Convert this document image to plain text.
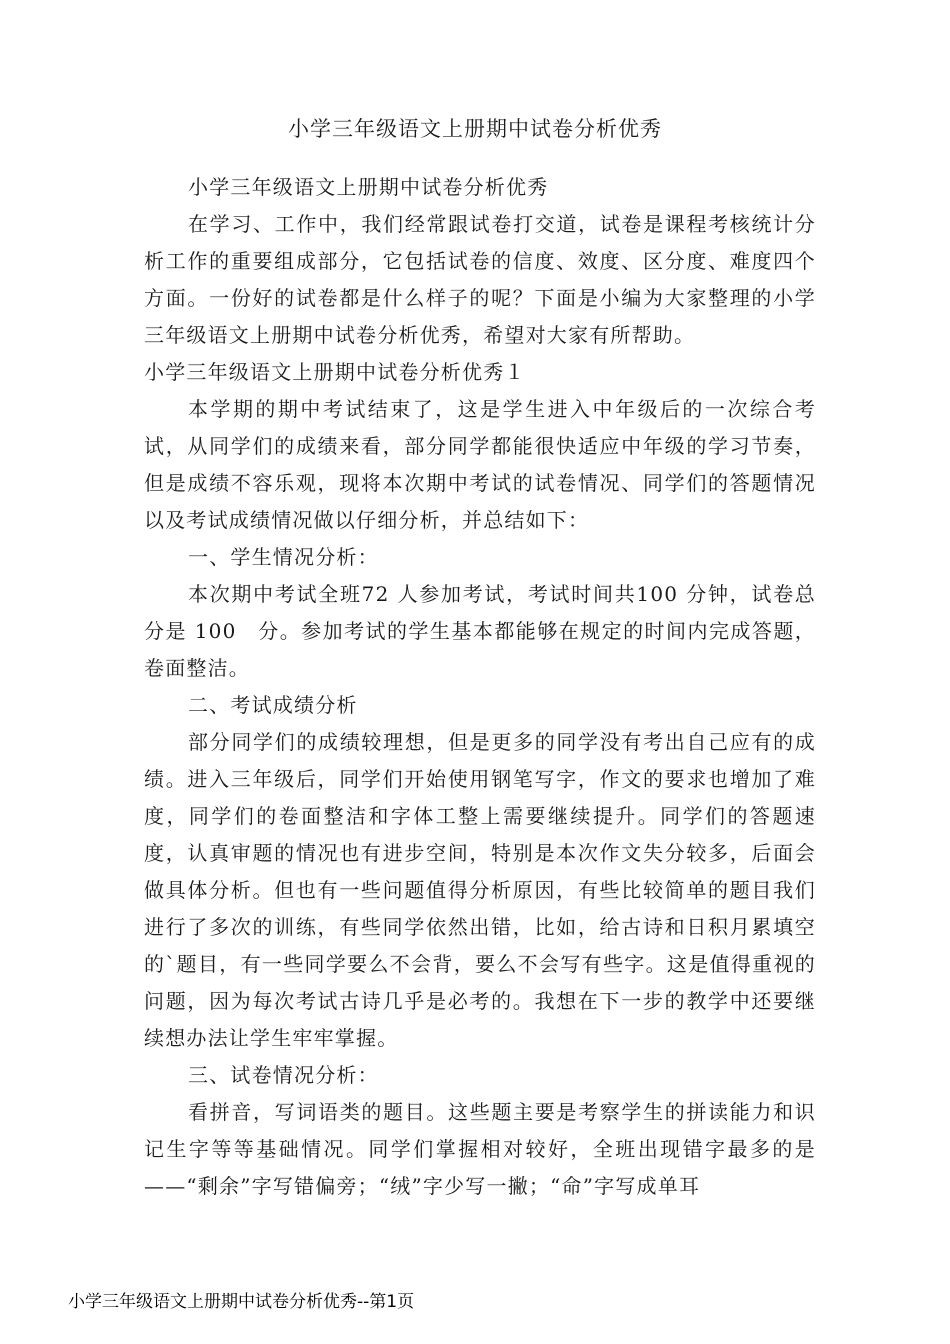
小学三年级语文上册期中试卷分析优秀

小学三年级语文上册期中试卷分析优秀

在学习、工作中，我们经常跟试卷打交道，试卷是课程考核统计分析工作的重要组成部分，它包括试卷的信度、效度、区分度、难度四个方面。一份好的试卷都是什么样子的呢？下面是小编为大家整理的小学三年级语文上册期中试卷分析优秀，希望对大家有所帮助。

小学三年级语文上册期中试卷分析优秀１

本学期的期中考试结束了，这是学生进入中年级后的一次综合考试，从同学们的成绩来看，部分同学都能很快适应中年级的学习节奏，但是成绩不容乐观，现将本次期中考试的试卷情况、同学们的答题情况以及考试成绩情况做以仔细分析，并总结如下：

一、学生情况分析：

本次期中考试全班72 人参加考试，考试时间共100 分钟，试卷总分是 100　分。参加考试的学生基本都能够在规定的时间内完成答题，卷面整洁。

二、考试成绩分析

部分同学们的成绩较理想，但是更多的同学没有考出自己应有的成绩。进入三年级后，同学们开始使用钢笔写字，作文的要求也增加了难度，同学们的卷面整洁和字体工整上需要继续提升。同学们的答题速度，认真审题的情况也有进步空间，特别是本次作文失分较多，后面会做具体分析。但也有一些问题值得分析原因，有些比较简单的题目我们进行了多次的训练，有些同学依然出错，比如，给古诗和日积月累填空的`题目，有一些同学要么不会背，要么不会写有些字。这是值得重视的问题，因为每次考试古诗几乎是必考的。我想在下一步的教学中还要继续想办法让学生牢牢掌握。

三、试卷情况分析：

看拼音，写词语类的题目。这些题主要是考察学生的拼读能力和识记生字等等基础情况。同学们掌握相对较好，全班出现错字最多的是——“剩余”字写错偏旁；“绒”字少写一撇；“命”字写成单耳

小学三年级语文上册期中试卷分析优秀--第1页
